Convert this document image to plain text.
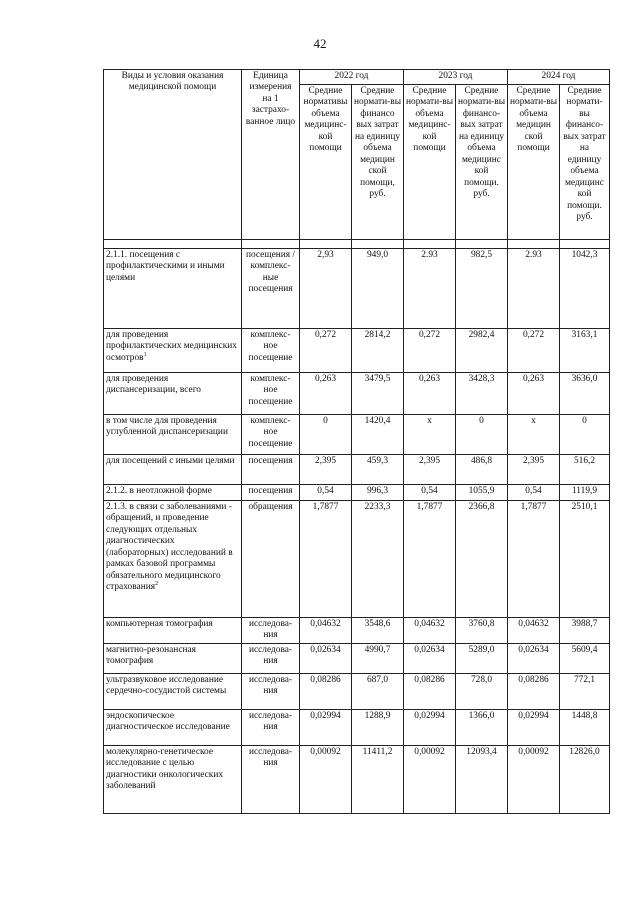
42
Виды и условия оказания медицинской помощи	Единица измерения на 1 застрахо-ванное лицо	2022 год		2023 год		2024 год	
		Средние нормативы объема медицинс-кой помощи	Средние нормати-вы финансо вых затрат на единицу объема медицин ской помощи, руб.	Средние нормати-вы объема медицинс-кой помощи	Средние нормати-вы финансо-вых затрат на единицу объема медицинс кой помощи. руб.	Средние нормати-вы объема медицин ской помощи	Средние нормати-вы финансо-вых затрат на единицу объема медицинс кой помощи. руб.

2.1.1. посещения с профилактическими и иными целями	посещения / комплекс-ные посещения	2,93	949,0	2.93	982,5	2.93	1042,3
для проведения профилактических медицинских осмотров$^1$	комплекс-ное посещение	0,272	2814,2	0,272	2982,4	0,272	3163,1
для проведения диспансеризации, всего	комплекс-ное посещение	0,263	3479,5	0,263	3428,3	0,263	3636,0
в том числе для проведения углубленной диспансеризации	комплекс-ное посещение	0	1420,4	х	0	х	0
для посещений с иными целями	посещения	2,395	459,3	2,395	486,8	2,395	516,2
2.1.2. в неотложной форме	посещения	0,54	996,3	0,54	1055,9	0,54	1119,9
2.1.3. в связи с заболеваниями - обращений, и проведение следующих отдельных диагностических (лабораторных) исследований в рамках базовой программы обязательного медицинского страхования$^2$	обращения	1,7877	2233,3	1,7877	2366,8	1,7877	2510,1
компьютерная томография	исследова-ния	0,04632	3548,6	0,04632	3760,8	0,04632	3988,7
магнитно-резонансная томография	исследова-ния	0,02634	4990,7	0,02634	5289,0	0,02634	5609,4
ультразвуковое исследование сердечно-сосудистой системы	исследова-ния	0,08286	687,0	0,08286	728,0	0,08286	772,1
эндоскопическое диагностическое исследование	исследова-ния	0,02994	1288,9	0,02994	1366,0	0,02994	1448,8
молекулярно-генетическое исследование с целью диагностики онкологических заболеваний	исследова-ния	0,00092	11411,2	0,00092	12093,4	0,00092	12826,0
